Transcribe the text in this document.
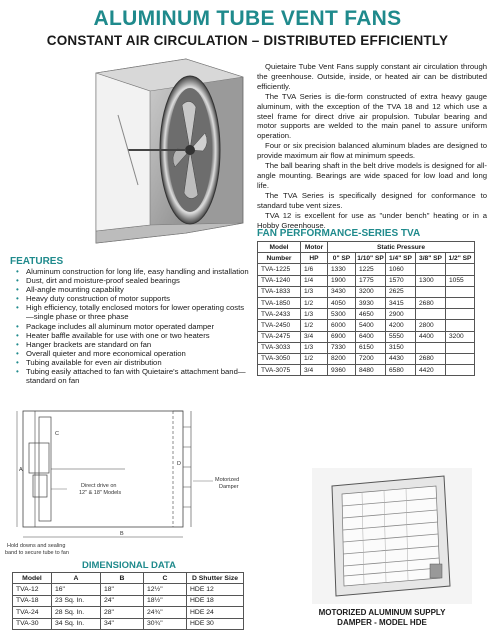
ALUMINUM TUBE VENT FANS
CONSTANT AIR CIRCULATION – DISTRIBUTED EFFICIENTLY

Quietaire Tube Vent Fans supply constant air circulation through the greenhouse. Outside, inside, or heated air can be distributed efficiently.

The TVA Series is die-form constructed of extra heavy gauge aluminum, with the exception of the TVA 18 and 12 which use a steel frame for direct drive air propulsion. Tubular bearing and motor supports are welded to the main panel to assure uniform operation.

Four or six precision balanced aluminum blades are designed to provide maximum air flow at minimum speeds.

The ball bearing shaft in the belt drive models is designed for all-angle mounting. Bearings are wide spaced for low load and long life.

The TVA Series is specifically designed for conformance to standard tube vent sizes.

TVA 12 is excellent for use as "under bench" heating or in a Hobby Greenhouse.

FEATURES
• Aluminum construction for long life, easy handling and installation
• Dust, dirt and moisture-proof sealed bearings
• All-angle mounting capability
• Heavy duty construction of motor supports
• High efficiency, totally enclosed motors for lower operating costs—single phase or three phase
• Package includes all aluminum motor operated damper
• Heater baffle available for use with one or two heaters
• Hanger brackets are standard on fan
• Overall quieter and more economical operation
• Tubing available for even air distribution
• Tubing easily attached to fan with Quietaire's attachment band—standard on fan
FAN PERFORMANCE-SERIES TVA
Model	Motor	Static Pressure				
Number	HP	0" SP	1/10" SP	1/4" SP	3/8" SP	1/2" SP
TVA-1225	1/6	1330	1225	1060		
TVA-1240	1/4	1900	1775	1570	1300	1055
TVA-1833	1/3	3430	3200	2625		
TVA-1850	1/2	4050	3930	3415	2680	
TVA-2433	1/3	5300	4650	2900		
TVA-2450	1/2	6000	5400	4200	2800	
TVA-2475	3/4	6900	6400	5550	4400	3200
TVA-3033	1/3	7330	6150	3150		
TVA-3050	1/2	8200	7200	4430	2680	
TVA-3075	3/4	9360	8480	6580	4420	
A
B
C
D
Direct drive on
12" & 18" Models
Motorized
Damper
Hold downs and sealing
band to secure tube to fan
DIMENSIONAL DATA
Model	A	B	C	D Shutter Size
TVA-12	16"	18"	12½"	HDE 12
TVA-18	23 Sq. In.	24"	18½"	HDE 18
TVA-24	28 Sq. In.	28"	24¾"	HDE 24
TVA-30	34 Sq. In.	34"	30¾"	HDE 30
MOTORIZED ALUMINUM SUPPLY
DAMPER - MODEL HDE
